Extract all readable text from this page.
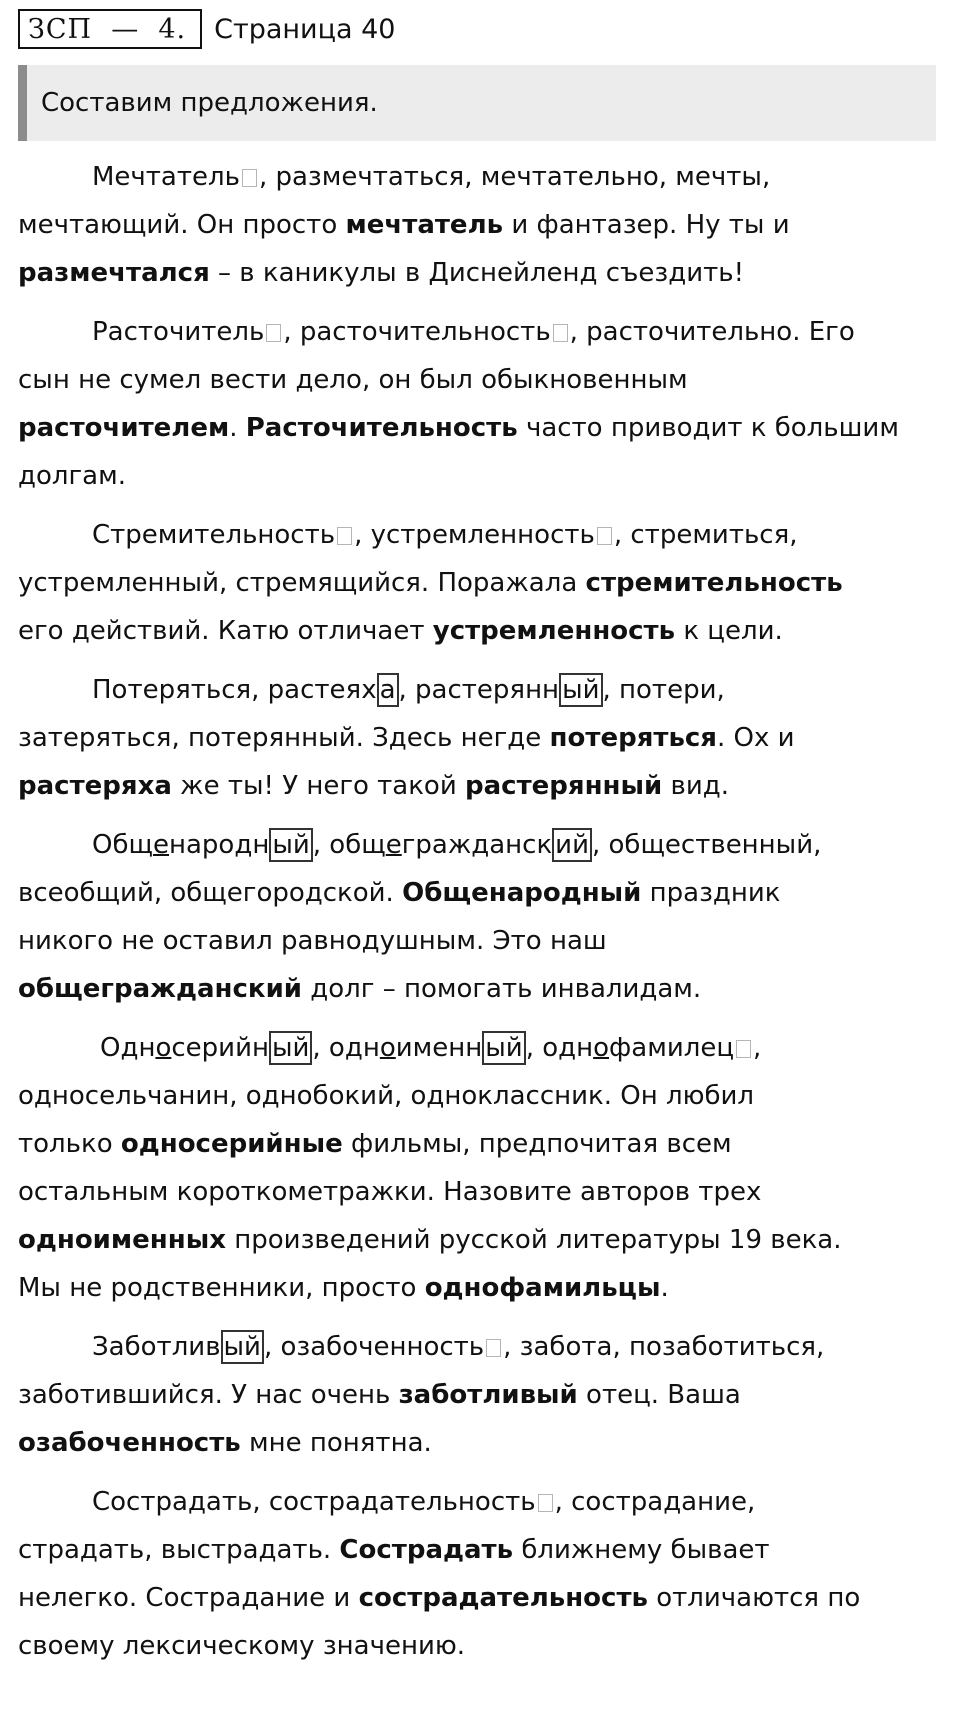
ЗСП  —  4.	Страница 40
Составим предложения.
Мечтатель , размечтаться, мечтательно, мечты,
мечтающий. Он просто мечтатель и фантазер. Ну ты и
размечтался – в каникулы в Диснейленд съездить!
Расточитель , расточительность , расточительно. Его
сын не сумел вести дело, он был обыкновенным
расточителем. Расточительность часто приводит к большим
долгам.
Стремительность , устремленность , стремиться,
устремленный, стремящийся. Поражала стремительность
его действий. Катю отличает устремленность к цели.
Потеряться, растеях а , растерянн ый , потери,
затеряться, потерянный. Здесь негде потеряться. Ох и
растеряха же ты! У него такой растерянный вид.
Общенародн ый , общегражданск ий , общественный,
всеобщий, общегородской. Общенародный праздник
никого не оставил равнодушным. Это наш
общегражданский долг – помогать инвалидам.
Односерийн ый , одноименн ый , однофамилец ,
односельчанин, однобокий, одноклассник. Он любил
только односерийные фильмы, предпочитая всем
остальным короткометражки. Назовите авторов трех
одноименных произведений русской литературы 19 века.
Мы не родственники, просто однофамильцы.
Заботлив ый , озабоченность , забота, позаботиться,
заботившийся. У нас очень заботливый отец. Ваша
озабоченность мне понятна.
Сострадать, сострадательность , сострадание,
страдать, выстрадать. Сострадать ближнему бывает
нелегко. Сострадание и сострадательность отличаются по
своему лексическому значению.
